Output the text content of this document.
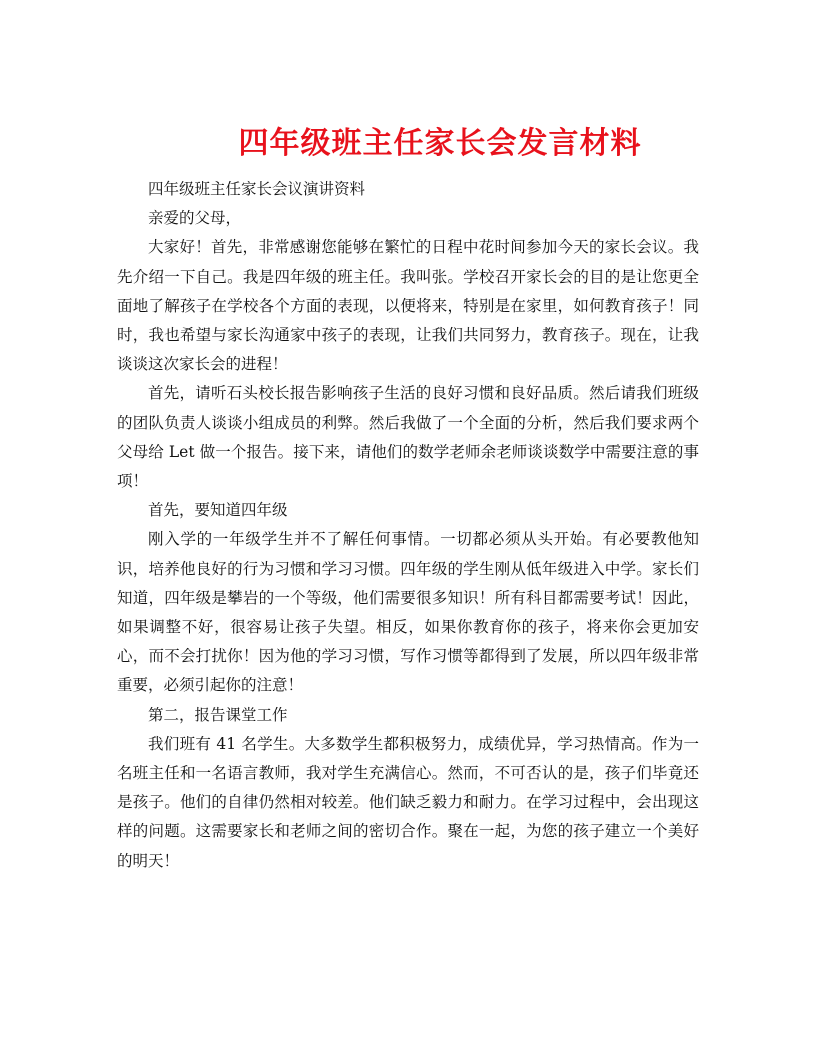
四年级班主任家长会发言材料

四年级班主任家长会议演讲资料

亲爱的父母，

大家好！首先，非常感谢您能够在繁忙的日程中花时间参加今天的家长会议。我先介绍一下自己。我是四年级的班主任。我叫张。学校召开家长会的目的是让您更全面地了解孩子在学校各个方面的表现，以便将来，特别是在家里，如何教育孩子！同时，我也希望与家长沟通家中孩子的表现，让我们共同努力，教育孩子。现在，让我谈谈这次家长会的进程！

首先，请听石头校长报告影响孩子生活的良好习惯和良好品质。然后请我们班级的团队负责人谈谈小组成员的利弊。然后我做了一个全面的分析，然后我们要求两个父母给 Let 做一个报告。接下来，请他们的数学老师余老师谈谈数学中需要注意的事项！

首先，要知道四年级

刚入学的一年级学生并不了解任何事情。一切都必须从头开始。有必要教他知识，培养他良好的行为习惯和学习习惯。四年级的学生刚从低年级进入中学。家长们知道，四年级是攀岩的一个等级，他们需要很多知识！所有科目都需要考试！因此，如果调整不好，很容易让孩子失望。相反，如果你教育你的孩子，将来你会更加安心，而不会打扰你！因为他的学习习惯，写作习惯等都得到了发展，所以四年级非常重要，必须引起你的注意！

第二，报告课堂工作

我们班有 41 名学生。大多数学生都积极努力，成绩优异，学习热情高。作为一名班主任和一名语言教师，我对学生充满信心。然而，不可否认的是，孩子们毕竟还是孩子。他们的自律仍然相对较差。他们缺乏毅力和耐力。在学习过程中，会出现这样的问题。这需要家长和老师之间的密切合作。聚在一起，为您的孩子建立一个美好的明天！
